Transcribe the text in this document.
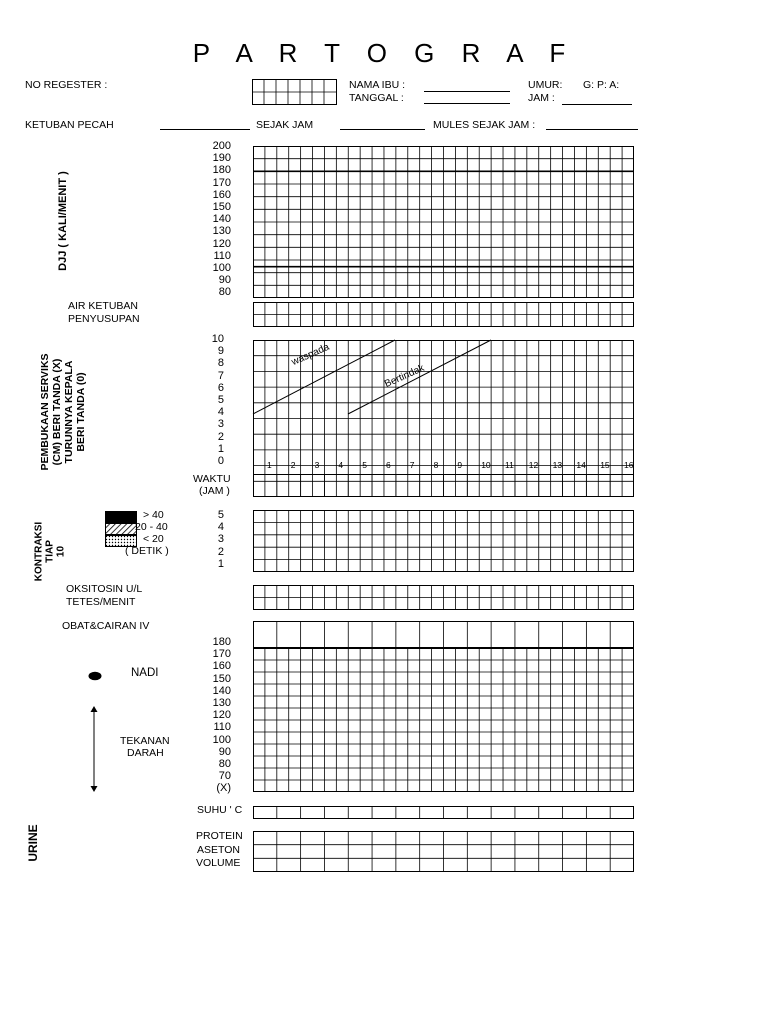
P A R T O G R A F
NO REGESTER :	NAMA IBU :
TANGGAL :
UMUR: G: P: A:
JAM :
KETUBAN PECAH	SEJAK JAM	MULES SEJAK JAM :
DJJ ( KALI/MENIT )
200
190
180
170
160
150
140
130
120
110
100
90
80
AIR KETUBAN
PENYUSUPAN
PEMBUKAAN SERVIKS (CM) BERI TANDA (X) TURUNNYA KEPALA BERI TANDA (0)
10
9
8
7
6
5
4
3
2
1
0	1 2 3 4 5 6 7 8 9 10 11 12 13 14 15 16
waspada
Bertindak
WAKTU
(JAM )
KONTRAKSI TIAP 10
> 40
20 - 40
< 20
( DETIK )
5
4
3
2
1
OKSITOSIN U/L
TETES/MENIT
OBAT&CAIRAN IV
NADI
TEKANAN
DARAH
180
170
160
150
140
130
120
110
100
90
80
70
(X)
SUHU ' C
URINE	PROTEIN
ASETON
VOLUME
